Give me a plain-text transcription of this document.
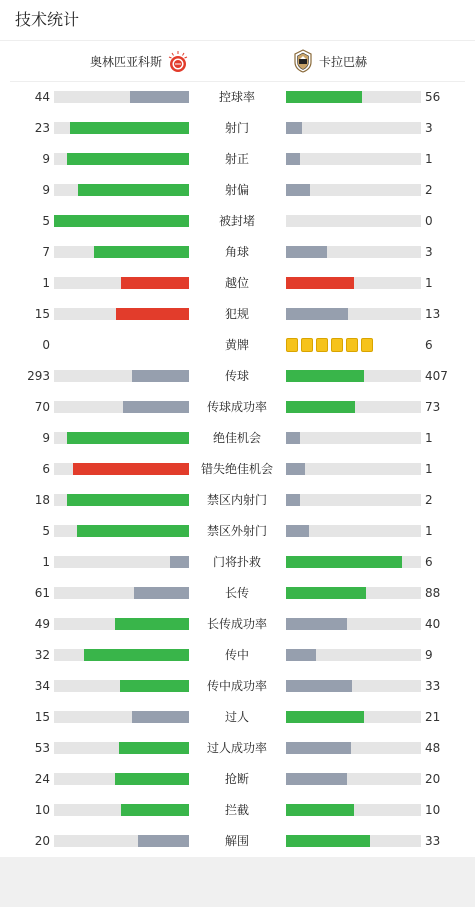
技术统计
奥林匹亚科斯	卡拉巴赫
44	控球率	56
23	射门	3
9	射正	1
9	射偏	2
5	被封堵	0
7	角球	3
1	越位	1
15	犯规	13
0	黄牌	6
293	传球	407
70	传球成功率	73
9	绝佳机会	1
6	错失绝佳机会	1
18	禁区内射门	2
5	禁区外射门	1
1	门将扑救	6
61	长传	88
49	长传成功率	40
32	传中	9
34	传中成功率	33
15	过人	21
53	过人成功率	48
24	抢断	20
10	拦截	10
20	解围	33
